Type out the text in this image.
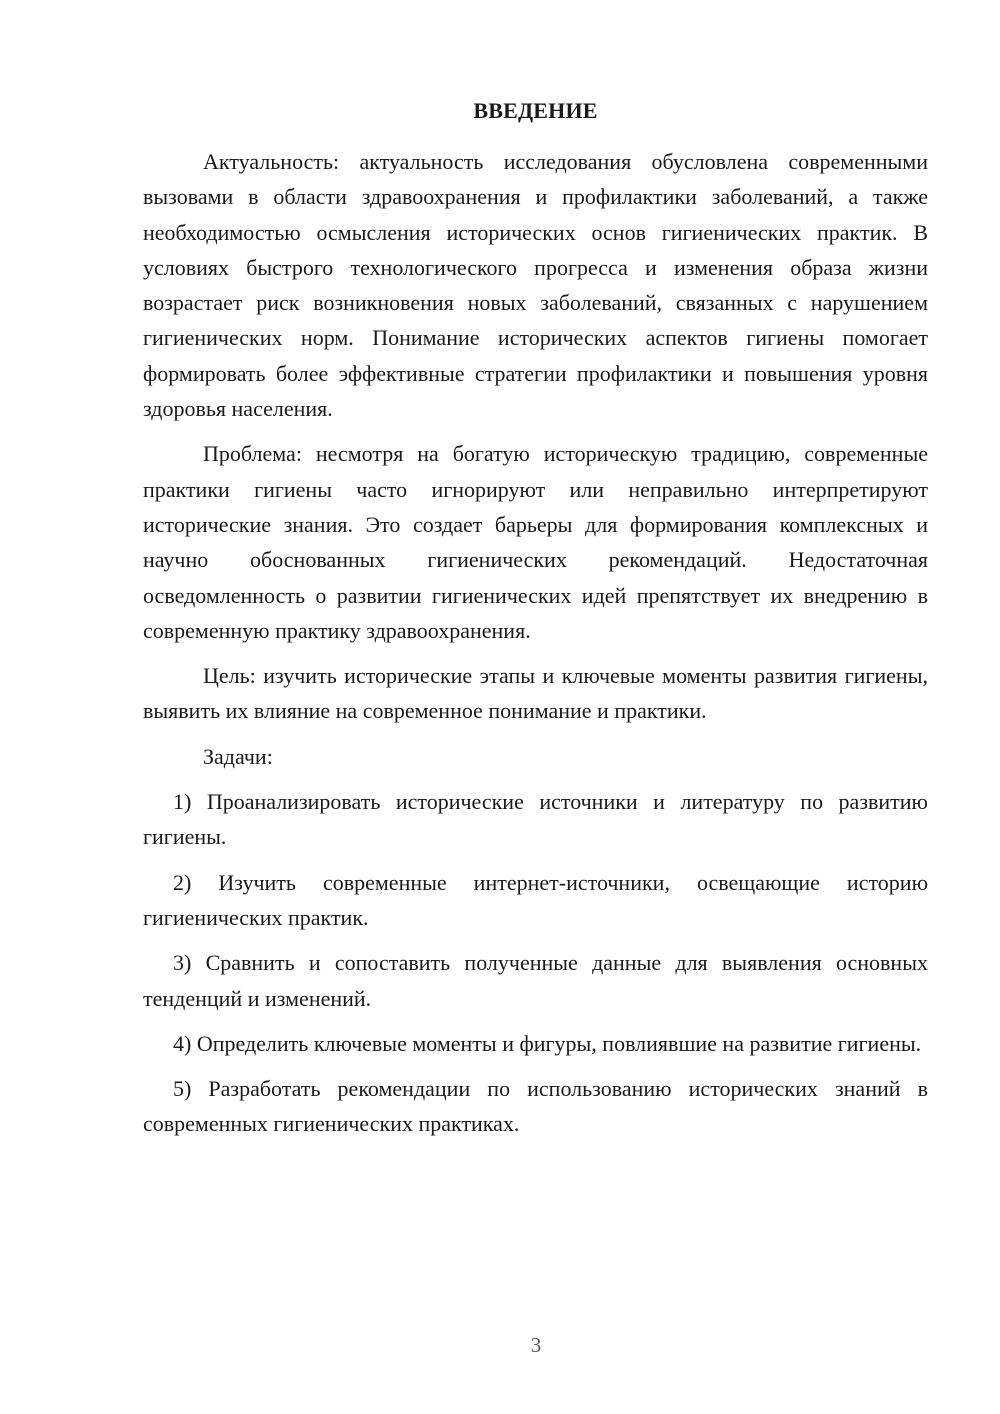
ВВЕДЕНИЕ

Актуальность: актуальность исследования обусловлена современными вызовами в области здравоохранения и профилактики заболеваний, а также необходимостью осмысления исторических основ гигиенических практик. В условиях быстрого технологического прогресса и изменения образа жизни возрастает риск возникновения новых заболеваний, связанных с нарушением гигиенических норм. Понимание исторических аспектов гигиены помогает формировать более эффективные стратегии профилактики и повышения уровня здоровья населения.

Проблема: несмотря на богатую историческую традицию, современные практики гигиены часто игнорируют или неправильно интерпретируют исторические знания. Это создает барьеры для формирования комплексных и научно обоснованных гигиенических рекомендаций. Недостаточная осведомленность о развитии гигиенических идей препятствует их внедрению в современную практику здравоохранения.

Цель: изучить исторические этапы и ключевые моменты развития гигиены, выявить их влияние на современное понимание и практики.

Задачи:

1) Проанализировать исторические источники и литературу по развитию гигиены.

2) Изучить современные интернет-источники, освещающие историю гигиенических практик.

3) Сравнить и сопоставить полученные данные для выявления основных тенденций и изменений.

4) Определить ключевые моменты и фигуры, повлиявшие на развитие гигиены.

5) Разработать рекомендации по использованию исторических знаний в современных гигиенических практиках.

3
